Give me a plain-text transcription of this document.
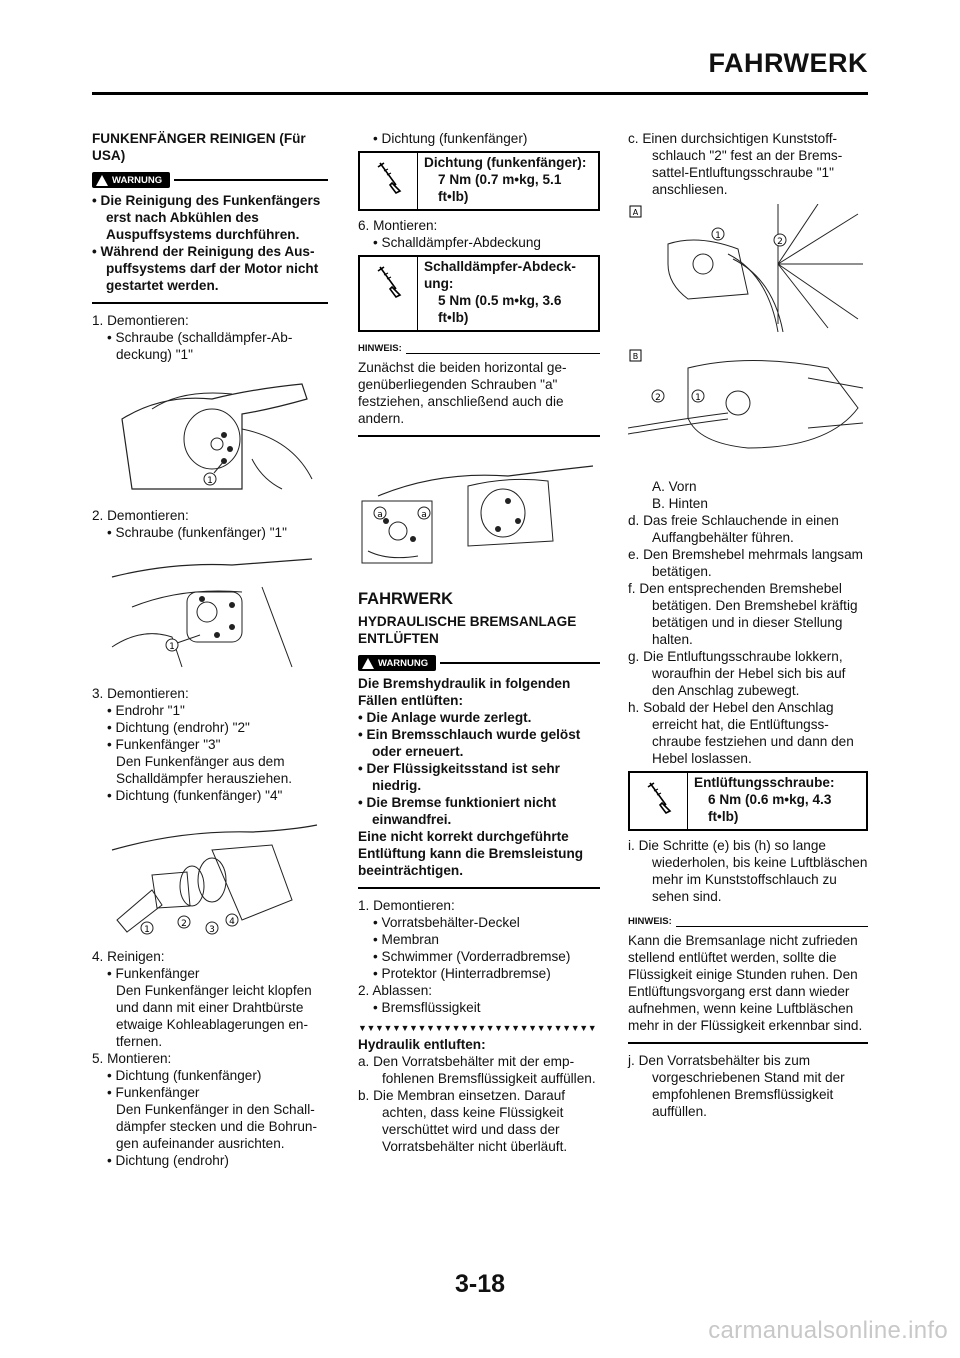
FAHRWERK
FUNKENFÄNGER REINIGEN (Für USA)
WARNUNG
• Die Reinigung des Funkenfängers erst nach Abkühlen des Auspuffsystems durchführen.
• Während der Reinigung des Auspuffsystems darf der Motor nicht gestartet werden.
1. Demontieren:
• Schraube (schalldämpfer-Abdeckung) "1"
1
2. Demontieren:
• Schraube (funkenfänger) "1"
1
3. Demontieren:
• Endrohr "1"
• Dichtung (endrohr) "2"
• Funkenfänger "3"
Den Funkenfänger aus dem Schalldämpfer herausziehen.
• Dichtung (funkenfänger) "4"
1
2
3
4
4. Reinigen:
• Funkenfänger
Den Funkenfänger leicht klopfen und dann mit einer Drahtbürste etwaige Kohleablagerungen entfernen.
5. Montieren:
• Dichtung (funkenfänger)
• Funkenfänger
Den Funkenfänger in den Schalldämpfer stecken und die Bohrungen aufeinander ausrichten.
• Dichtung (endrohr)
• Dichtung (funkenfänger)
Dichtung (funkenfänger):
7 Nm (0.7 m•kg, 5.1 ft•lb)
6. Montieren:
• Schalldämpfer-Abdeckung
Schalldämpfer-Abdeckung:
5 Nm (0.5 m•kg, 3.6 ft•lb)
HINWEIS:
Zunächst die beiden horizontal gegenüberliegenden Schrauben "a" festziehen, anschließend auch die andern.
a	a
FAHRWERK
HYDRAULISCHE BREMSANLAGE ENTLÜFTEN
WARNUNG
Die Bremshydraulik in folgenden Fällen entlüften:
• Die Anlage wurde zerlegt.
• Ein Bremsschlauch wurde gelöst oder erneuert.
• Der Flüssigkeitsstand ist sehr niedrig.
• Die Bremse funktioniert nicht einwandfrei.
Eine nicht korrekt durchgeführte Entlüftung kann die Bremsleistung beeinträchtigen.
1. Demontieren:
• Vorratsbehälter-Deckel
• Membran
• Schwimmer (Vorderradbremse)
• Protektor (Hinterradbremse)
2. Ablassen:
• Bremsflüssigkeit
▼▼▼▼▼▼▼▼▼▼▼▼▼▼▼▼▼▼▼▼▼▼▼▼▼▼▼▼
Hydraulik entluften:
a. Den Vorratsbehälter mit der empfohlenen Bremsflüssigkeit auffüllen.
b. Die Membran einsetzen. Darauf achten, dass keine Flüssigkeit verschüttet wird und dass der Vorratsbehälter nicht überläuft.
c. Einen durchsichtigen Kunststoffschlauch "2" fest an der Bremssattel-Entluftungsschraube "1" anschliesen.
A
1
2

B
2	1
A. Vorn
B. Hinten
d. Das freie Schlauchende in einen Auffangbehälter führen.
e. Den Bremshebel mehrmals langsam betätigen.
f. Den entsprechenden Bremshebel betätigen. Den Bremshebel kräftig betätigen und in dieser Stellung halten.
g. Die Entluftungsschraube lokkern, woraufhin der Hebel sich bis auf den Anschlag zubewegt.
h. Sobald der Hebel den Anschlag erreicht hat, die Entlüftungsschraube festziehen und dann den Hebel loslassen.
Entlüftungsschraube:
6 Nm (0.6 m•kg, 4.3 ft•lb)
i. Die Schritte (e) bis (h) so lange wiederholen, bis keine Luftbläschen mehr im Kunststoffschlauch zu sehen sind.
HINWEIS:
Kann die Bremsanlage nicht zufrieden stellend entlüftet werden, sollte die Flüssigkeit einige Stunden ruhen. Den Entlüftungsvorgang erst dann wieder aufnehmen, wenn keine Luftbläschen mehr in der Flüssigkeit erkennbar sind.
j. Den Vorratsbehälter bis zum vorgeschriebenen Stand mit der empfohlenen Bremsflüssigkeit auffüllen.
3-18
carmanualsonline.info
